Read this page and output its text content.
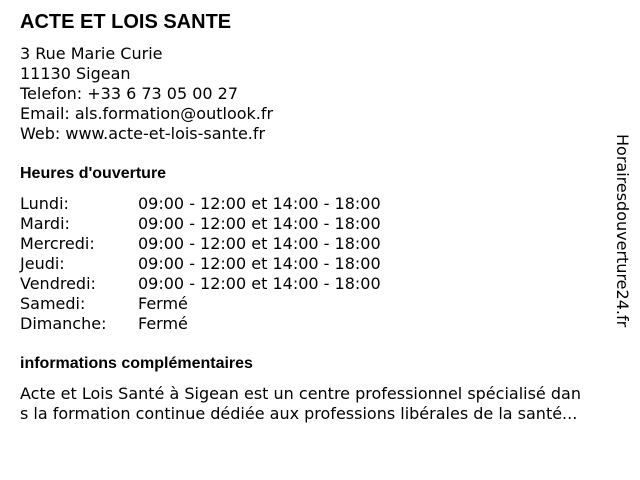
ACTE ET LOIS SANTE
3 Rue Marie Curie
11130 Sigean
Telefon: +33 6 73 05 00 27
Email: als.formation@outlook.fr
Web: www.acte-et-lois-sante.fr
Heures d'ouverture
Lundi:	09:00 - 12:00 et 14:00 - 18:00
Mardi:	09:00 - 12:00 et 14:00 - 18:00
Mercredi:	09:00 - 12:00 et 14:00 - 18:00
Jeudi:	09:00 - 12:00 et 14:00 - 18:00
Vendredi:	09:00 - 12:00 et 14:00 - 18:00
Samedi:	Fermé
Dimanche:	Fermé
informations complémentaires
Acte et Lois Santé à Sigean est un centre professionnel spécialisé dan
s la formation continue dédiée aux professions libérales de la santé...
Horairesdouverture24.fr
